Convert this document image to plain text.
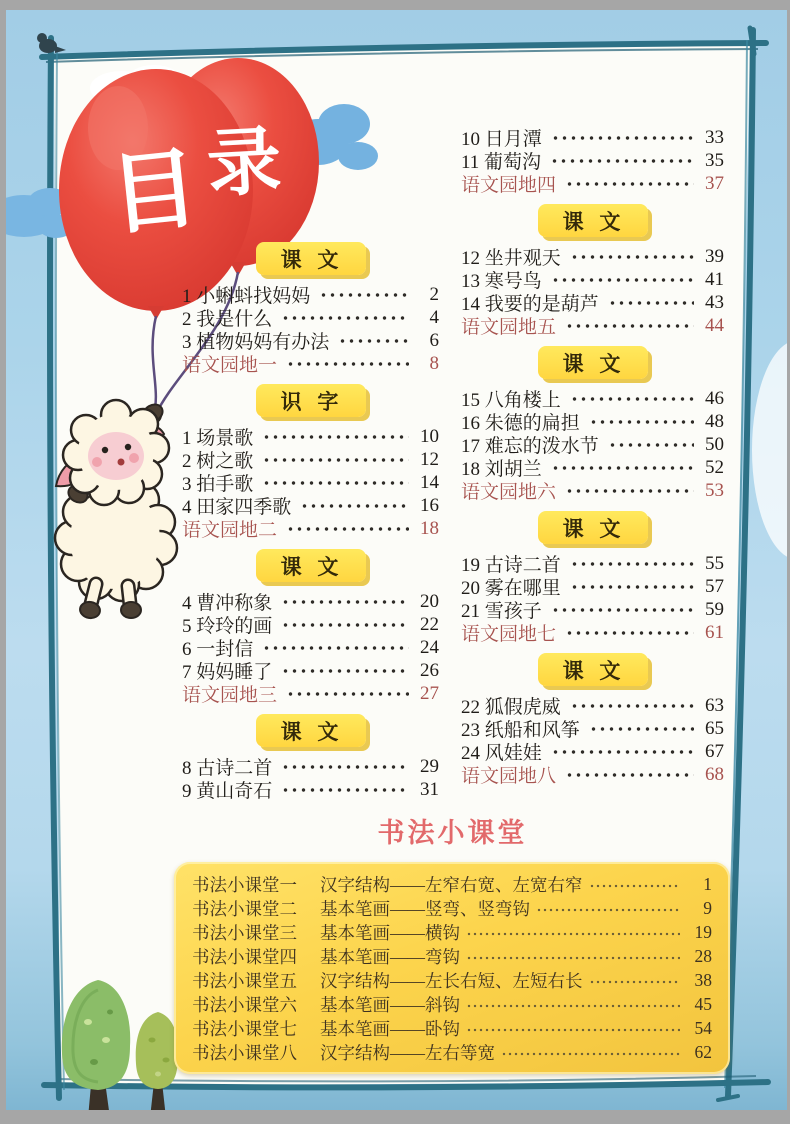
目 录
课 文
1 小蝌蚪找妈妈	2
2 我是什么	4
3 植物妈妈有办法	6
语文园地一	8
识 字
1 场景歌	10
2 树之歌	12
3 拍手歌	14
4 田家四季歌	16
语文园地二	18
课 文
4 曹冲称象	20
5 玲玲的画	22
6 一封信	24
7 妈妈睡了	26
语文园地三	27
课 文
8 古诗二首	29
9 黄山奇石	31
10 日月潭	33
11 葡萄沟	35
语文园地四	37
课 文
12 坐井观天	39
13 寒号鸟	41
14 我要的是葫芦	43
语文园地五	44
课 文
15 八角楼上	46
16 朱德的扁担	48
17 难忘的泼水节	50
18 刘胡兰	52
语文园地六	53
课 文
19 古诗二首	55
20 雾在哪里	57
21 雪孩子	59
语文园地七	61
课 文
22 狐假虎威	63
23 纸船和风筝	65
24 风娃娃	67
语文园地八	68
书法小课堂
书法小课堂一	汉字结构——左窄右宽、左宽右窄	1
书法小课堂二	基本笔画——竖弯、竖弯钩	9
书法小课堂三	基本笔画——横钩	19
书法小课堂四	基本笔画——弯钩	28
书法小课堂五	汉字结构——左长右短、左短右长	38
书法小课堂六	基本笔画——斜钩	45
书法小课堂七	基本笔画——卧钩	54
书法小课堂八	汉字结构——左右等宽	62
